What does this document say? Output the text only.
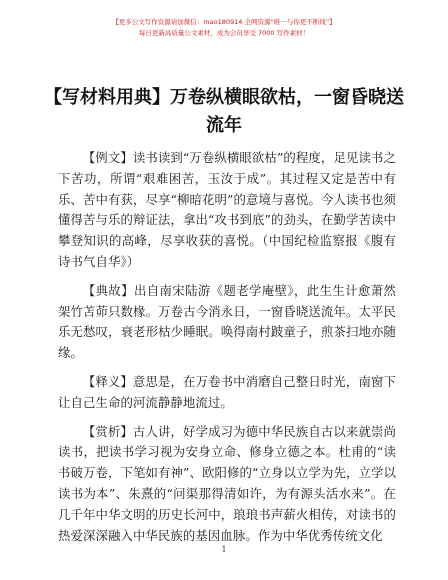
【更多公文写作资源请加微信：mao180914 全网资源“唯一与你更不断线”】
每日更新高质量公文素材，成为会员享受 7000 写作素材！
【写材料用典】万卷纵横眼欲枯，一窗昏晓送流年

【例文】读书读到“万卷纵横眼欲枯”的程度，足见读书之下苦功，所谓“艰难困苦，玉汝于成”。其过程又定是苦中有乐、苦中有获，尽享“柳暗花明”的意境与喜悦。今人读书也须懂得苦与乐的辩证法，拿出“攻书到底”的劲头，在勤学苦读中攀登知识的高峰，尽享收获的喜悦。（中国纪检监察报《腹有诗书气自华》）

【典故】出自南宋陆游《题老学庵壁》，此生生计愈萧然架竹苫茆只数椽。万卷古今消永日，一窗昏晓送流年。太平民乐无愁叹，衰老形枯少睡眠。唤得南村跛童子，煎茶扫地亦随缘。

【释义】意思是，在万卷书中消磨自己整日时光，南窗下让自己生命的河流静静地流过。

【赏析】古人讲，好学成习为德中华民族自古以来就崇尚读书，把读书学习视为安身立命、修身立德之本。杜甫的“读书破万卷，下笔如有神”、欧阳修的“立身以立学为先，立学以读书为本”、朱熹的“问渠那得清如许，为有源头活水来”。在几千年中华文明的历史长河中，琅琅书声薪火相传，对读书的热爱深深融入中华民族的基因血脉。作为中华优秀传统文化

1
